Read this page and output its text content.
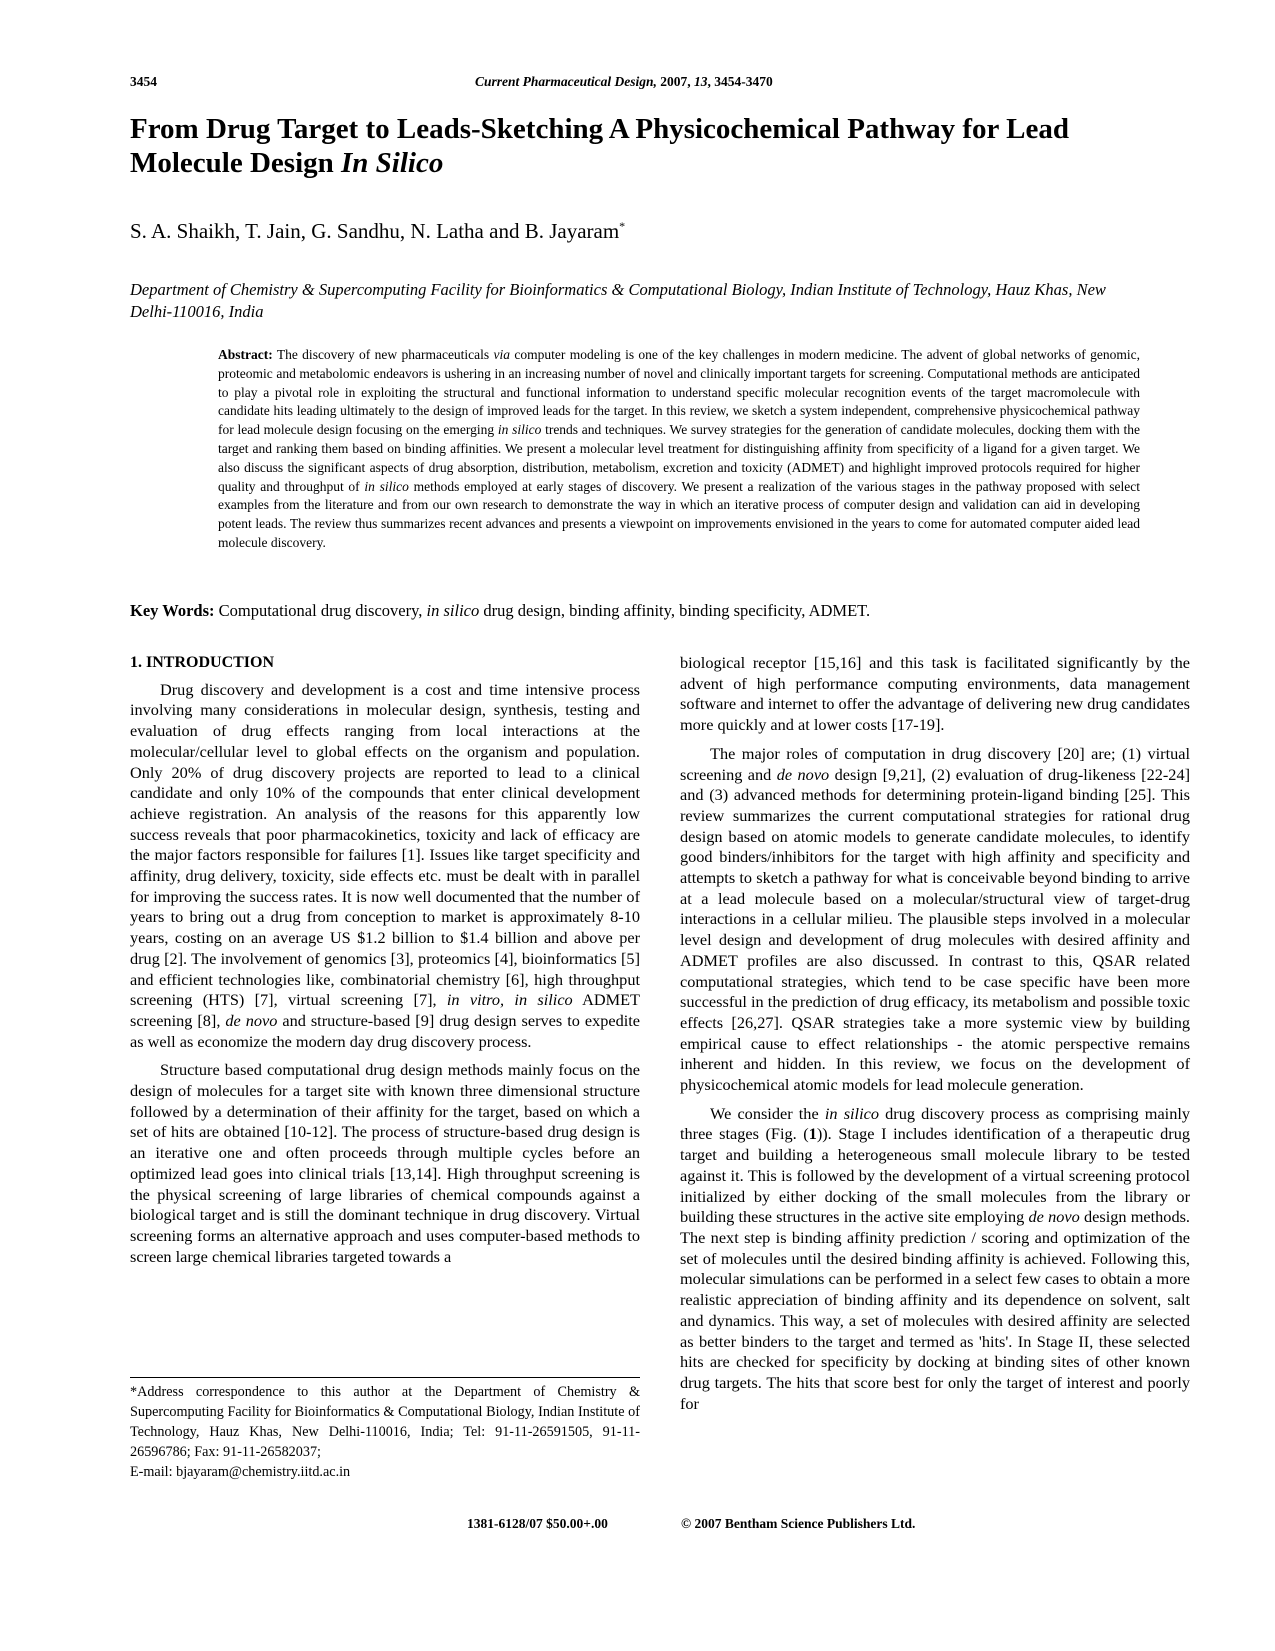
3454	Current Pharmaceutical Design, 2007, 13, 3454-3470
From Drug Target to Leads-Sketching A Physicochemical Pathway for Lead Molecule Design In Silico
S. A. Shaikh, T. Jain, G. Sandhu, N. Latha and B. Jayaram*
Department of Chemistry & Supercomputing Facility for Bioinformatics & Computational Biology, Indian Institute of Technology, Hauz Khas, New Delhi-110016, India
Abstract: The discovery of new pharmaceuticals via computer modeling is one of the key challenges in modern medicine. The advent of global networks of genomic, proteomic and metabolomic endeavors is ushering in an increasing number of novel and clinically important targets for screening. Computational methods are anticipated to play a pivotal role in exploiting the structural and functional information to understand specific molecular recognition events of the target macromolecule with candidate hits leading ultimately to the design of improved leads for the target. In this review, we sketch a system independent, comprehensive physicochemical pathway for lead molecule design focusing on the emerging in silico trends and techniques. We survey strategies for the generation of candidate molecules, docking them with the target and ranking them based on binding affinities. We present a molecular level treatment for distinguishing affinity from specificity of a ligand for a given target. We also discuss the significant aspects of drug absorption, distribution, metabolism, excretion and toxicity (ADMET) and highlight improved protocols required for higher quality and throughput of in silico methods employed at early stages of discovery. We present a realization of the various stages in the pathway proposed with select examples from the literature and from our own research to demonstrate the way in which an iterative process of computer design and validation can aid in developing potent leads. The review thus summarizes recent advances and presents a viewpoint on improvements envisioned in the years to come for automated computer aided lead molecule discovery.
Key Words: Computational drug discovery, in silico drug design, binding affinity, binding specificity, ADMET.
1. INTRODUCTION

Drug discovery and development is a cost and time intensive process involving many considerations in molecular design, synthesis, testing and evaluation of drug effects ranging from local interactions at the molecular/cellular level to global effects on the organism and population. Only 20% of drug discovery projects are reported to lead to a clinical candidate and only 10% of the compounds that enter clinical development achieve registration. An analysis of the reasons for this apparently low success reveals that poor pharmacokinetics, toxicity and lack of efficacy are the major factors responsible for failures [1]. Issues like target specificity and affinity, drug delivery, toxicity, side effects etc. must be dealt with in parallel for improving the success rates. It is now well documented that the number of years to bring out a drug from conception to market is approximately 8-10 years, costing on an average US $1.2 billion to $1.4 billion and above per drug [2]. The involvement of genomics [3], proteomics [4], bioinformatics [5] and efficient technologies like, combinatorial chemistry [6], high throughput screening (HTS) [7], virtual screening [7], in vitro, in silico ADMET screening [8], de novo and structure-based [9] drug design serves to expedite as well as economize the modern day drug discovery process.

Structure based computational drug design methods mainly focus on the design of molecules for a target site with known three dimensional structure followed by a determination of their affinity for the target, based on which a set of hits are obtained [10-12]. The process of structure-based drug design is an iterative one and often proceeds through multiple cycles before an optimized lead goes into clinical trials [13,14]. High throughput screening is the physical screening of large libraries of chemical compounds against a biological target and is still the dominant technique in drug discovery. Virtual screening forms an alternative approach and uses computer-based methods to screen large chemical libraries targeted towards a

biological receptor [15,16] and this task is facilitated significantly by the advent of high performance computing environments, data management software and internet to offer the advantage of delivering new drug candidates more quickly and at lower costs [17-19].

The major roles of computation in drug discovery [20] are; (1) virtual screening and de novo design [9,21], (2) evaluation of drug-likeness [22-24] and (3) advanced methods for determining protein-ligand binding [25]. This review summarizes the current computational strategies for rational drug design based on atomic models to generate candidate molecules, to identify good binders/inhibitors for the target with high affinity and specificity and attempts to sketch a pathway for what is conceivable beyond binding to arrive at a lead molecule based on a molecular/structural view of target-drug interactions in a cellular milieu. The plausible steps involved in a molecular level design and development of drug molecules with desired affinity and ADMET profiles are also discussed. In contrast to this, QSAR related computational strategies, which tend to be case specific have been more successful in the prediction of drug efficacy, its metabolism and possible toxic effects [26,27]. QSAR strategies take a more systemic view by building empirical cause to effect relationships - the atomic perspective remains inherent and hidden. In this review, we focus on the development of physicochemical atomic models for lead molecule generation.

We consider the in silico drug discovery process as comprising mainly three stages (Fig. (1)). Stage I includes identification of a therapeutic drug target and building a heterogeneous small molecule library to be tested against it. This is followed by the development of a virtual screening protocol initialized by either docking of the small molecules from the library or building these structures in the active site employing de novo design methods. The next step is binding affinity prediction / scoring and optimization of the set of molecules until the desired binding affinity is achieved. Following this, molecular simulations can be performed in a select few cases to obtain a more realistic appreciation of binding affinity and its dependence on solvent, salt and dynamics. This way, a set of molecules with desired affinity are selected as better binders to the target and termed as 'hits'. In Stage II, these selected hits are checked for specificity by docking at binding sites of other known drug targets. The hits that score best for only the target of interest and poorly for

*Address correspondence to this author at the Department of Chemistry & Supercomputing Facility for Bioinformatics & Computational Biology, Indian Institute of Technology, Hauz Khas, New Delhi-110016, India; Tel: 91-11-26591505, 91-11-26596786; Fax: 91-11-26582037;
E-mail: bjayaram@chemistry.iitd.ac.in
1381-6128/07 $50.00+.00	© 2007 Bentham Science Publishers Ltd.
